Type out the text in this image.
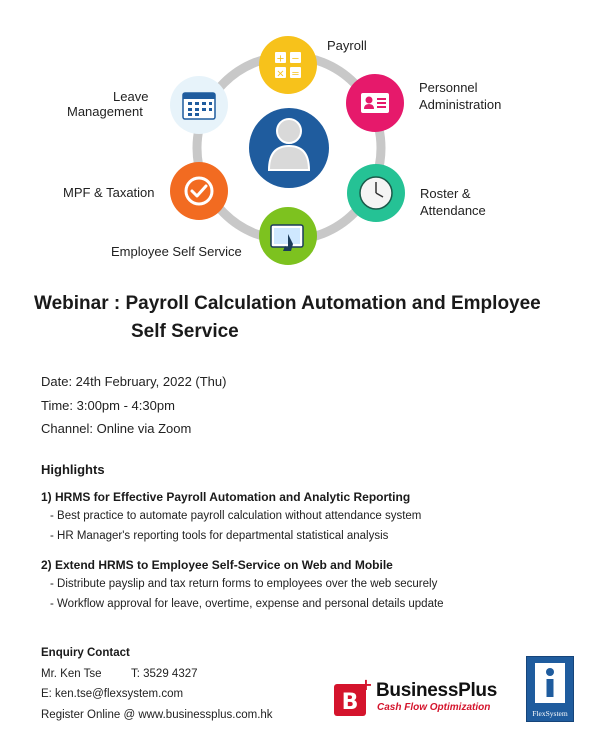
+ −
× =
Payroll
Personnel
Administration
Roster &
Attendance
Employee Self Service
MPF & Taxation
Leave
Management
Webinar : Payroll Calculation Automation and Employee
Self Service
Date: 24th February, 2022 (Thu)
Time: 3:00pm - 4:30pm
Channel: Online via Zoom
Highlights
1) HRMS for Effective Payroll Automation and Analytic Reporting
- Best practice to automate payroll calculation without attendance system
- HR Manager's reporting tools for departmental statistical analysis
2) Extend HRMS to Employee Self-Service on Web and Mobile
- Distribute payslip and tax return forms to employees over the web securely
- Workflow approval for leave, overtime, expense and personal details update
Enquiry Contact
Mr. Ken Tse	T: 3529 4327
E: ken.tse@flexsystem.com
Register Online @ www.businessplus.com.hk	B
+ BusinessPlus
Cash Flow Optimization
FlexSystem
